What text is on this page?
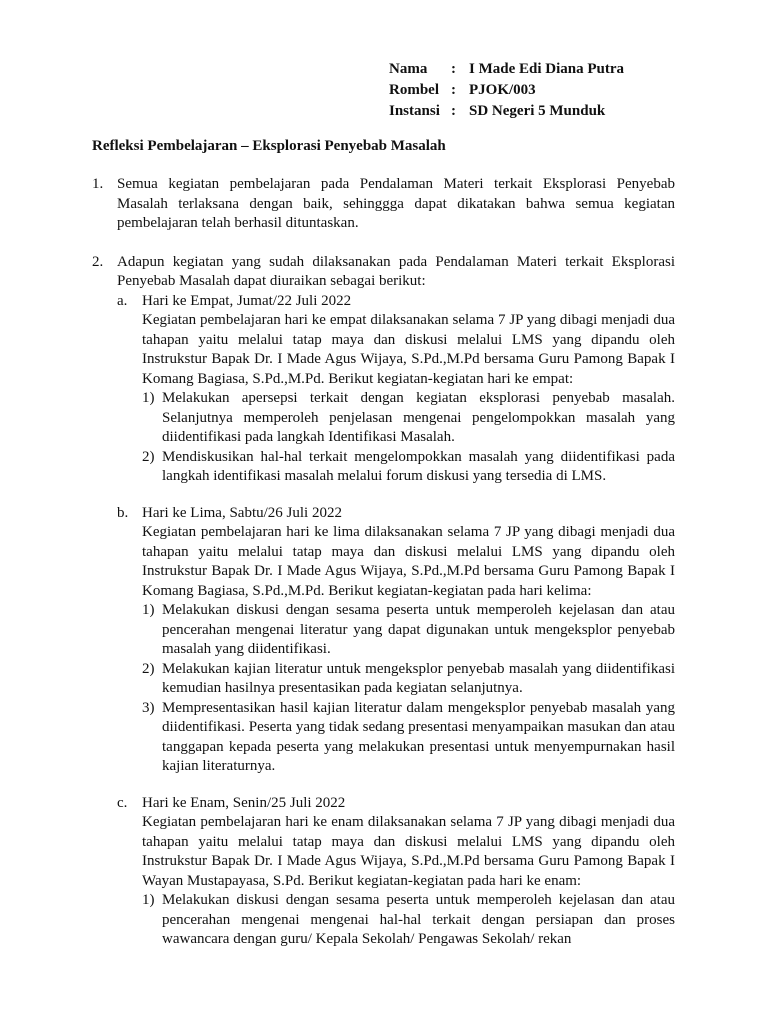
Nama	: I Made Edi Diana Putra
Rombel : PJOK/003
Instansi : SD Negeri 5 Munduk
Refleksi Pembelajaran – Eksplorasi Penyebab Masalah
1. Semua kegiatan pembelajaran pada Pendalaman Materi terkait Eksplorasi Penyebab Masalah terlaksana dengan baik, sehinggga dapat dikatakan bahwa semua kegiatan pembelajaran telah berhasil dituntaskan.
2. Adapun kegiatan yang sudah dilaksanakan pada Pendalaman Materi terkait Eksplorasi Penyebab Masalah dapat diuraikan sebagai berikut:
a. Hari ke Empat, Jumat/22 Juli 2022
Kegiatan pembelajaran hari ke empat dilaksanakan selama 7 JP yang dibagi menjadi dua tahapan yaitu melalui tatap maya dan diskusi melalui LMS yang dipandu oleh Instrukstur Bapak Dr. I Made Agus Wijaya, S.Pd.,M.Pd bersama Guru Pamong Bapak I Komang Bagiasa, S.Pd.,M.Pd. Berikut kegiatan-kegiatan hari ke empat:
1) Melakukan apersepsi terkait dengan kegiatan eksplorasi penyebab masalah. Selanjutnya memperoleh penjelasan mengenai pengelompokkan masalah yang diidentifikasi pada langkah Identifikasi Masalah.
2) Mendiskusikan hal-hal terkait mengelompokkan masalah yang diidentifikasi pada langkah identifikasi masalah melalui forum diskusi yang tersedia di LMS.
b. Hari ke Lima, Sabtu/26 Juli 2022
Kegiatan pembelajaran hari ke lima dilaksanakan selama 7 JP yang dibagi menjadi dua tahapan yaitu melalui tatap maya dan diskusi melalui LMS yang dipandu oleh Instrukstur Bapak Dr. I Made Agus Wijaya, S.Pd.,M.Pd bersama Guru Pamong Bapak I Komang Bagiasa, S.Pd.,M.Pd. Berikut kegiatan-kegiatan pada hari kelima:
1) Melakukan diskusi dengan sesama peserta untuk memperoleh kejelasan dan atau pencerahan mengenai literatur yang dapat digunakan untuk mengeksplor penyebab masalah yang diidentifikasi.
2) Melakukan kajian literatur untuk mengeksplor penyebab masalah yang diidentifikasi kemudian hasilnya presentasikan pada kegiatan selanjutnya.
3) Mempresentasikan hasil kajian literatur dalam mengeksplor penyebab masalah yang diidentifikasi. Peserta yang tidak sedang presentasi menyampaikan masukan dan atau tanggapan kepada peserta yang melakukan presentasi untuk menyempurnakan hasil kajian literaturnya.
c. Hari ke Enam, Senin/25 Juli 2022
Kegiatan pembelajaran hari ke enam dilaksanakan selama 7 JP yang dibagi menjadi dua tahapan yaitu melalui tatap maya dan diskusi melalui LMS yang dipandu oleh Instrukstur Bapak Dr. I Made Agus Wijaya, S.Pd.,M.Pd bersama Guru Pamong Bapak I Wayan Mustapayasa, S.Pd. Berikut kegiatan-kegiatan pada hari ke enam:
1) Melakukan diskusi dengan sesama peserta untuk memperoleh kejelasan dan atau pencerahan mengenai mengenai hal-hal terkait dengan persiapan dan proses wawancara dengan guru/ Kepala Sekolah/ Pengawas Sekolah/ rekan
